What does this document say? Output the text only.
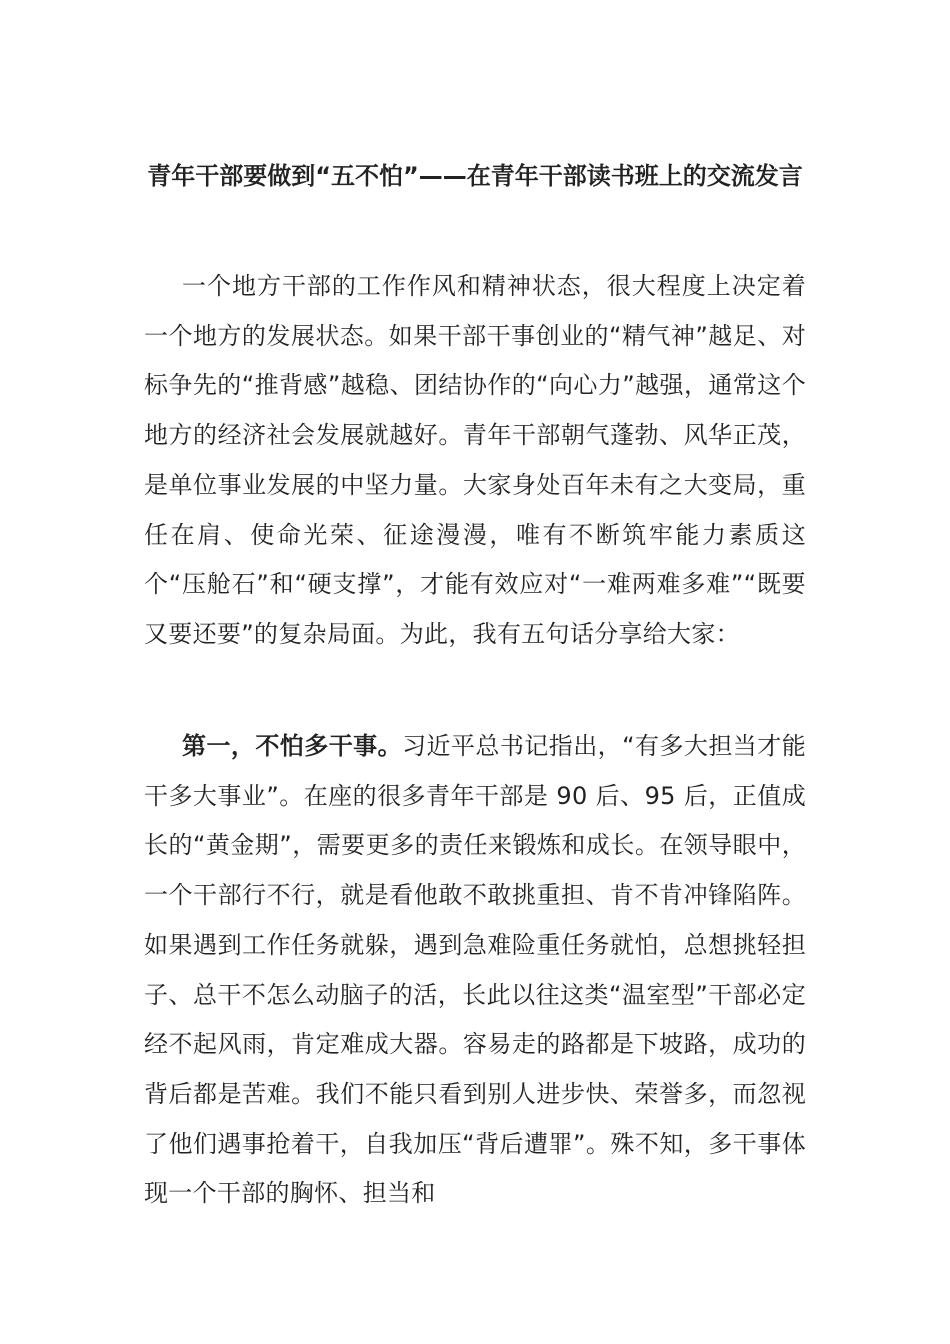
青年干部要做到“五不怕”——在青年干部读书班上的交流发言

一个地方干部的工作作风和精神状态，很大程度上决定着一个地方的发展状态。如果干部干事创业的“精气神”越足、对标争先的“推背感”越稳、团结协作的“向心力”越强，通常这个地方的经济社会发展就越好。青年干部朝气蓬勃、风华正茂，是单位事业发展的中坚力量。大家身处百年未有之大变局，重任在肩、使命光荣、征途漫漫，唯有不断筑牢能力素质这个“压舱石”和“硬支撑”，才能有效应对“一难两难多难”“既要又要还要”的复杂局面。为此，我有五句话分享给大家：

第一，不怕多干事。习近平总书记指出，“有多大担当才能干多大事业”。在座的很多青年干部是 90 后、95 后，正值成长的“黄金期”，需要更多的责任来锻炼和成长。在领导眼中，一个干部行不行，就是看他敢不敢挑重担、肯不肯冲锋陷阵。如果遇到工作任务就躲，遇到急难险重任务就怕，总想挑轻担子、总干不怎么动脑子的活，长此以往这类“温室型”干部必定经不起风雨，肯定难成大器。容易走的路都是下坡路，成功的背后都是苦难。我们不能只看到别人进步快、荣誉多，而忽视了他们遇事抢着干，自我加压“背后遭罪”。殊不知，多干事体现一个干部的胸怀、担当和
